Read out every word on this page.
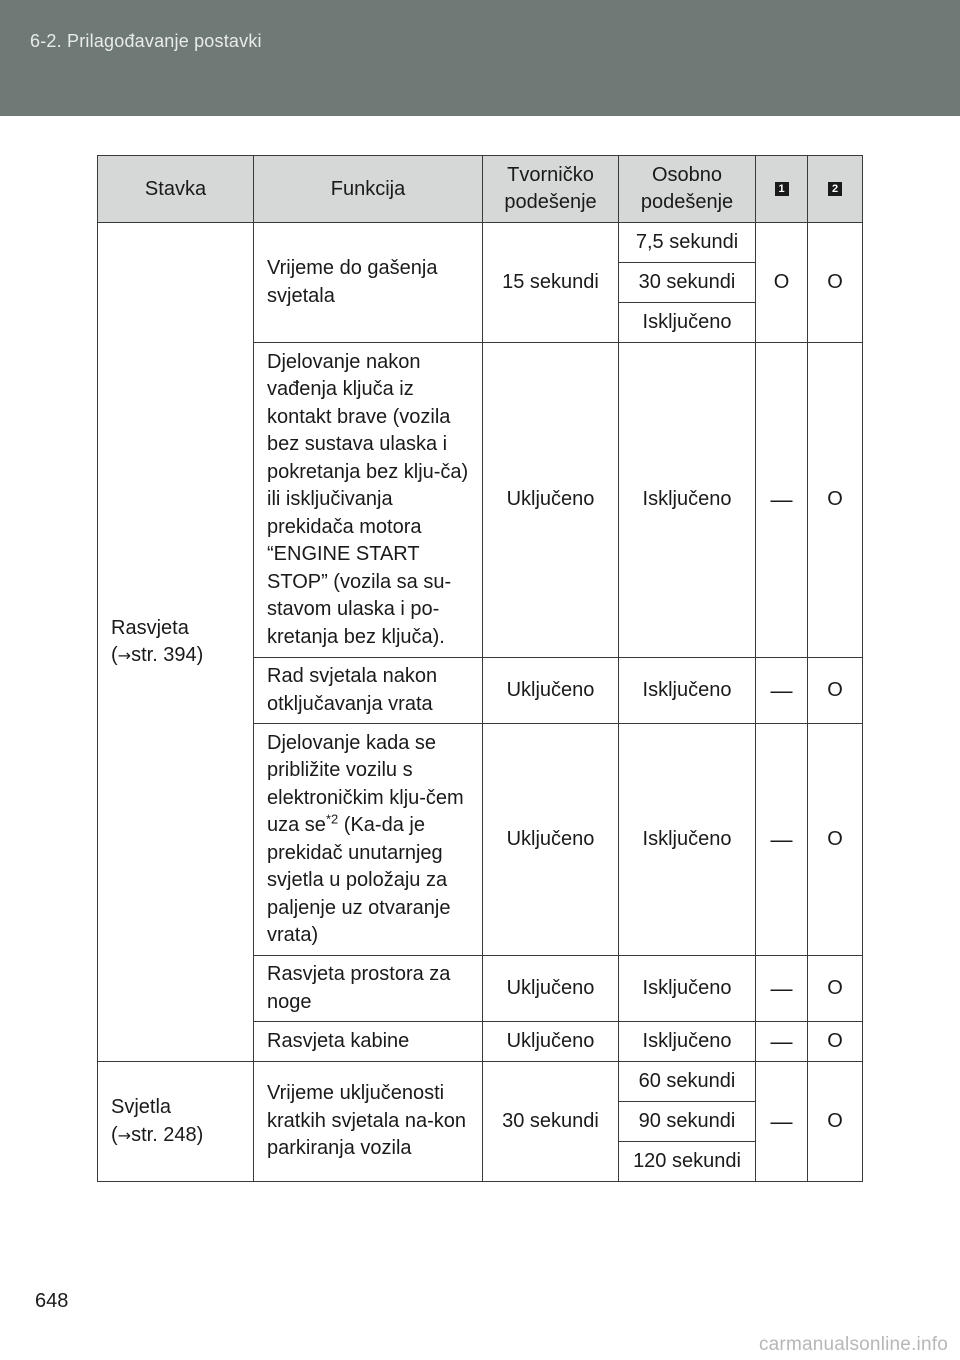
6-2. Prilagođavanje postavki
Stavka	Funkcija	Tvorničko podešenje	Osobno podešenje	1	2
Rasvjeta
(→str. 394)	Vrijeme do gašenja svjetala	15 sekundi	7,5 sekundi	O	O
			30 sekundi		
			Isključeno		
	Djelovanje nakon vađenja ključa iz kontakt brave (vozila bez sustava ulaska i pokretanja bez klju-ča) ili isključivanja prekidača motora “ENGINE START STOP” (vozila sa su-stavom ulaska i po-kretanja bez ključa).	Uključeno	Isključeno	—	O
	Rad svjetala nakon otključavanja vrata	Uključeno	Isključeno	—	O
	Djelovanje kada se približite vozilu s elektroničkim klju-čem uza $se^{*2}$ (Ka-da je prekidač unutarnjeg svjetla u položaju za paljenje uz otvaranje vrata)	Uključeno	Isključeno	—	O
	Rasvjeta prostora za noge	Uključeno	Isključeno	—	O
	Rasvjeta kabine	Uključeno	Isključeno	—	O
Svjetla
(→str. 248)	Vrijeme uključenosti kratkih svjetala na-kon parkiranja vozila	30 sekundi	60 sekundi	—	O
			90 sekundi		
			120 sekundi		
648
carmanualsonline.info
